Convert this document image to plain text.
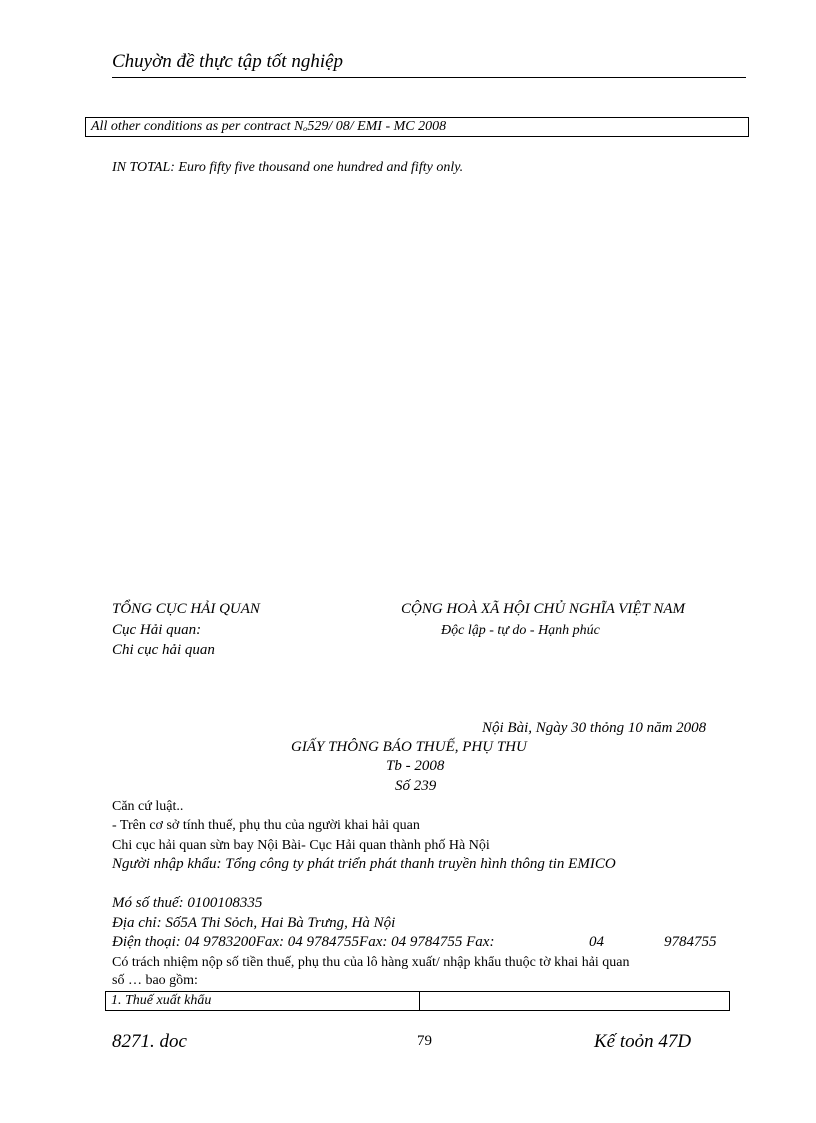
Chuyờn đề thực tập tốt nghiệp
All other conditions as per contract Nₒ529/ 08/ EMI - MC 2008
IN TOTAL: Euro fifty five thousand one hundred and fifty only.
TỔNG CỤC HẢI QUAN
Cục Hải quan:
Chi cục hải quan
CỘNG HOÀ XÃ HỘI CHỦ NGHĨA VIỆT NAM
Độc lập - tự do - Hạnh phúc
Nội Bài, Ngày 30 thỏng 10 năm 2008
GIẤY THÔNG BÁO THUẾ, PHỤ THU
Tb - 2008
Số 239
Căn cứ luật..
- Trên cơ sở tính thuế, phụ thu của người khai hải quan
Chi cục hải quan sừn bay Nội Bài- Cục Hải quan thành phố Hà Nội
Người nhập khẩu: Tổng công ty phát triển phát thanh truyền hình thông tin EMICO
Mó số thuế: 0100108335
Địa chỉ: Số5A Thi Sỏch, Hai Bà Trưng, Hà Nội
Điện thoại: 04 9783200Fax: 04 9784755Fax: 04 9784755 Fax:	04	9784755
Có trách nhiệm nộp số tiền thuế, phụ thu của lô hàng xuất/ nhập khẩu thuộc tờ khai hải quan
số … bao gồm:
1. Thuế xuất khẩu
8271. doc	79	Kế toỏn 47D
